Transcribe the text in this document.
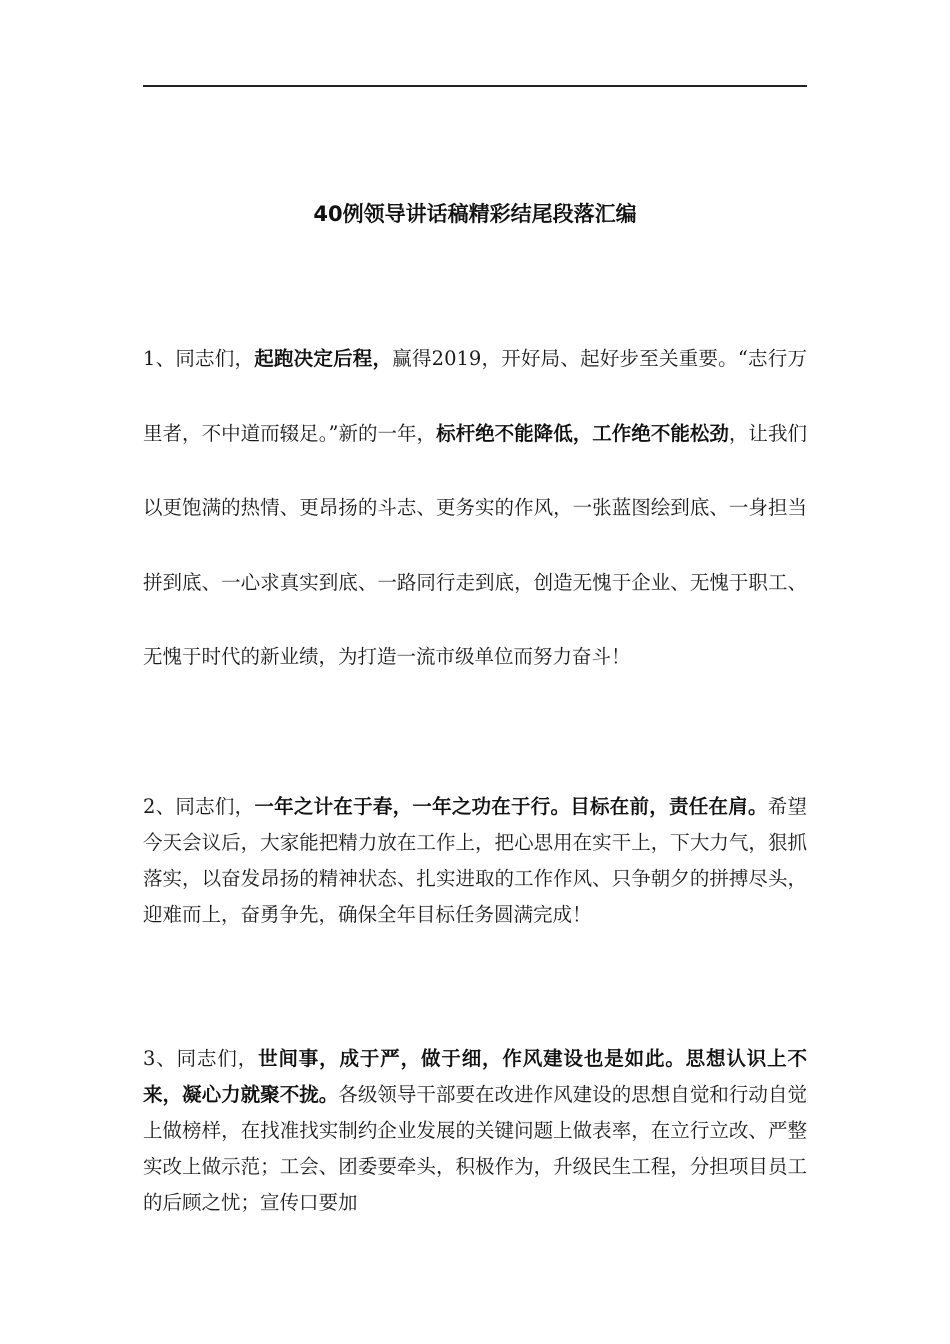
40例领导讲话稿精彩结尾段落汇编

1、同志们，起跑决定后程，赢得2019，开好局、起好步至关重要。“志行万里者，不中道而辍足。”新的一年，标杆绝不能降低，工作绝不能松劲，让我们以更饱满的热情、更昂扬的斗志、更务实的作风，一张蓝图绘到底、一身担当拼到底、一心求真实到底、一路同行走到底，创造无愧于企业、无愧于职工、无愧于时代的新业绩，为打造一流市级单位而努力奋斗！

2、同志们，一年之计在于春，一年之功在于行。目标在前，责任在肩。希望今天会议后，大家能把精力放在工作上，把心思用在实干上，下大力气，狠抓落实，以奋发昂扬的精神状态、扎实进取的工作作风、只争朝夕的拼搏尽头，迎难而上，奋勇争先，确保全年目标任务圆满完成！

3、同志们，世间事，成于严，做于细，作风建设也是如此。思想认识上不来，凝心力就聚不拢。各级领导干部要在改进作风建设的思想自觉和行动自觉上做榜样，在找准找实制约企业发展的关键问题上做表率，在立行立改、严整实改上做示范；工会、团委要牵头，积极作为，升级民生工程，分担项目员工的后顾之忧；宣传口要加
